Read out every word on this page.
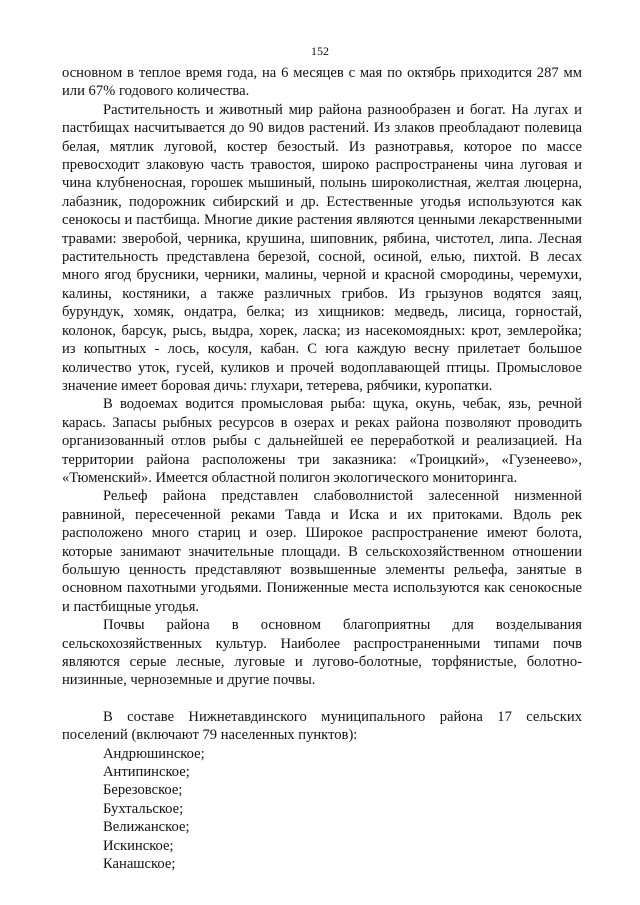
152

основном в теплое время года, на 6 месяцев с мая по октябрь приходится 287 мм или 67% годового количества.

Растительность и животный мир района разнообразен и богат. На лугах и пастбищах насчитывается до 90 видов растений. Из злаков преобладают полевица белая, мятлик луговой, костер безостый. Из разнотравья, которое по массе превосходит злаковую часть травостоя, широко распространены чина луговая и чина клубненосная, горошек мышиный, полынь широколистная, желтая люцерна, лабазник, подорожник сибирский и др. Естественные угодья используются как сенокосы и пастбища. Многие дикие растения являются ценными лекарственными травами: зверобой, черника, крушина, шиповник, рябина, чистотел, липа. Лесная растительность представлена березой, сосной, осиной, елью, пихтой. В лесах много ягод брусники, черники, малины, черной и красной смородины, черемухи, калины, костяники, а также различных грибов. Из грызунов водятся заяц, бурундук, хомяк, ондатра, белка; из хищников: медведь, лисица, горностай, колонок, барсук, рысь, выдра, хорек, ласка; из насекомоядных: крот, землеройка; из копытных - лось, косуля, кабан. С юга каждую весну прилетает большое количество уток, гусей, куликов и прочей водоплавающей птицы. Промысловое значение имеет боровая дичь: глухари, тетерева, рябчики, куропатки.

В водоемах водится промысловая рыба: щука, окунь, чебак, язь, речной карась. Запасы рыбных ресурсов в озерах и реках района позволяют проводить организованный отлов рыбы с дальнейшей ее переработкой и реализацией. На территории района расположены три заказника: «Троицкий», «Гузенеево», «Тюменский». Имеется областной полигон экологического мониторинга.

Рельеф района представлен слабоволнистой залесенной низменной равниной, пересеченной реками Тавда и Иска и их притоками. Вдоль рек расположено много стариц и озер. Широкое распространение имеют болота, которые занимают значительные площади. В сельскохозяйственном отношении большую ценность представляют возвышенные элементы рельефа, занятые в основном пахотными угодьями. Пониженные места используются как сенокосные и пастбищные угодья.

Почвы района в основном благоприятны для возделывания сельскохозяйственных культур. Наиболее распространенными типами почв являются серые лесные, луговые и лугово-болотные, торфянистые, болотно-низинные, черноземные и другие почвы.

В составе Нижнетавдинского муниципального района 17 сельских поселений (включают 79 населенных пунктов):

Андрюшинское;
Антипинское;
Березовское;
Бухтальское;
Велижанское;
Искинское;
Канашское;
